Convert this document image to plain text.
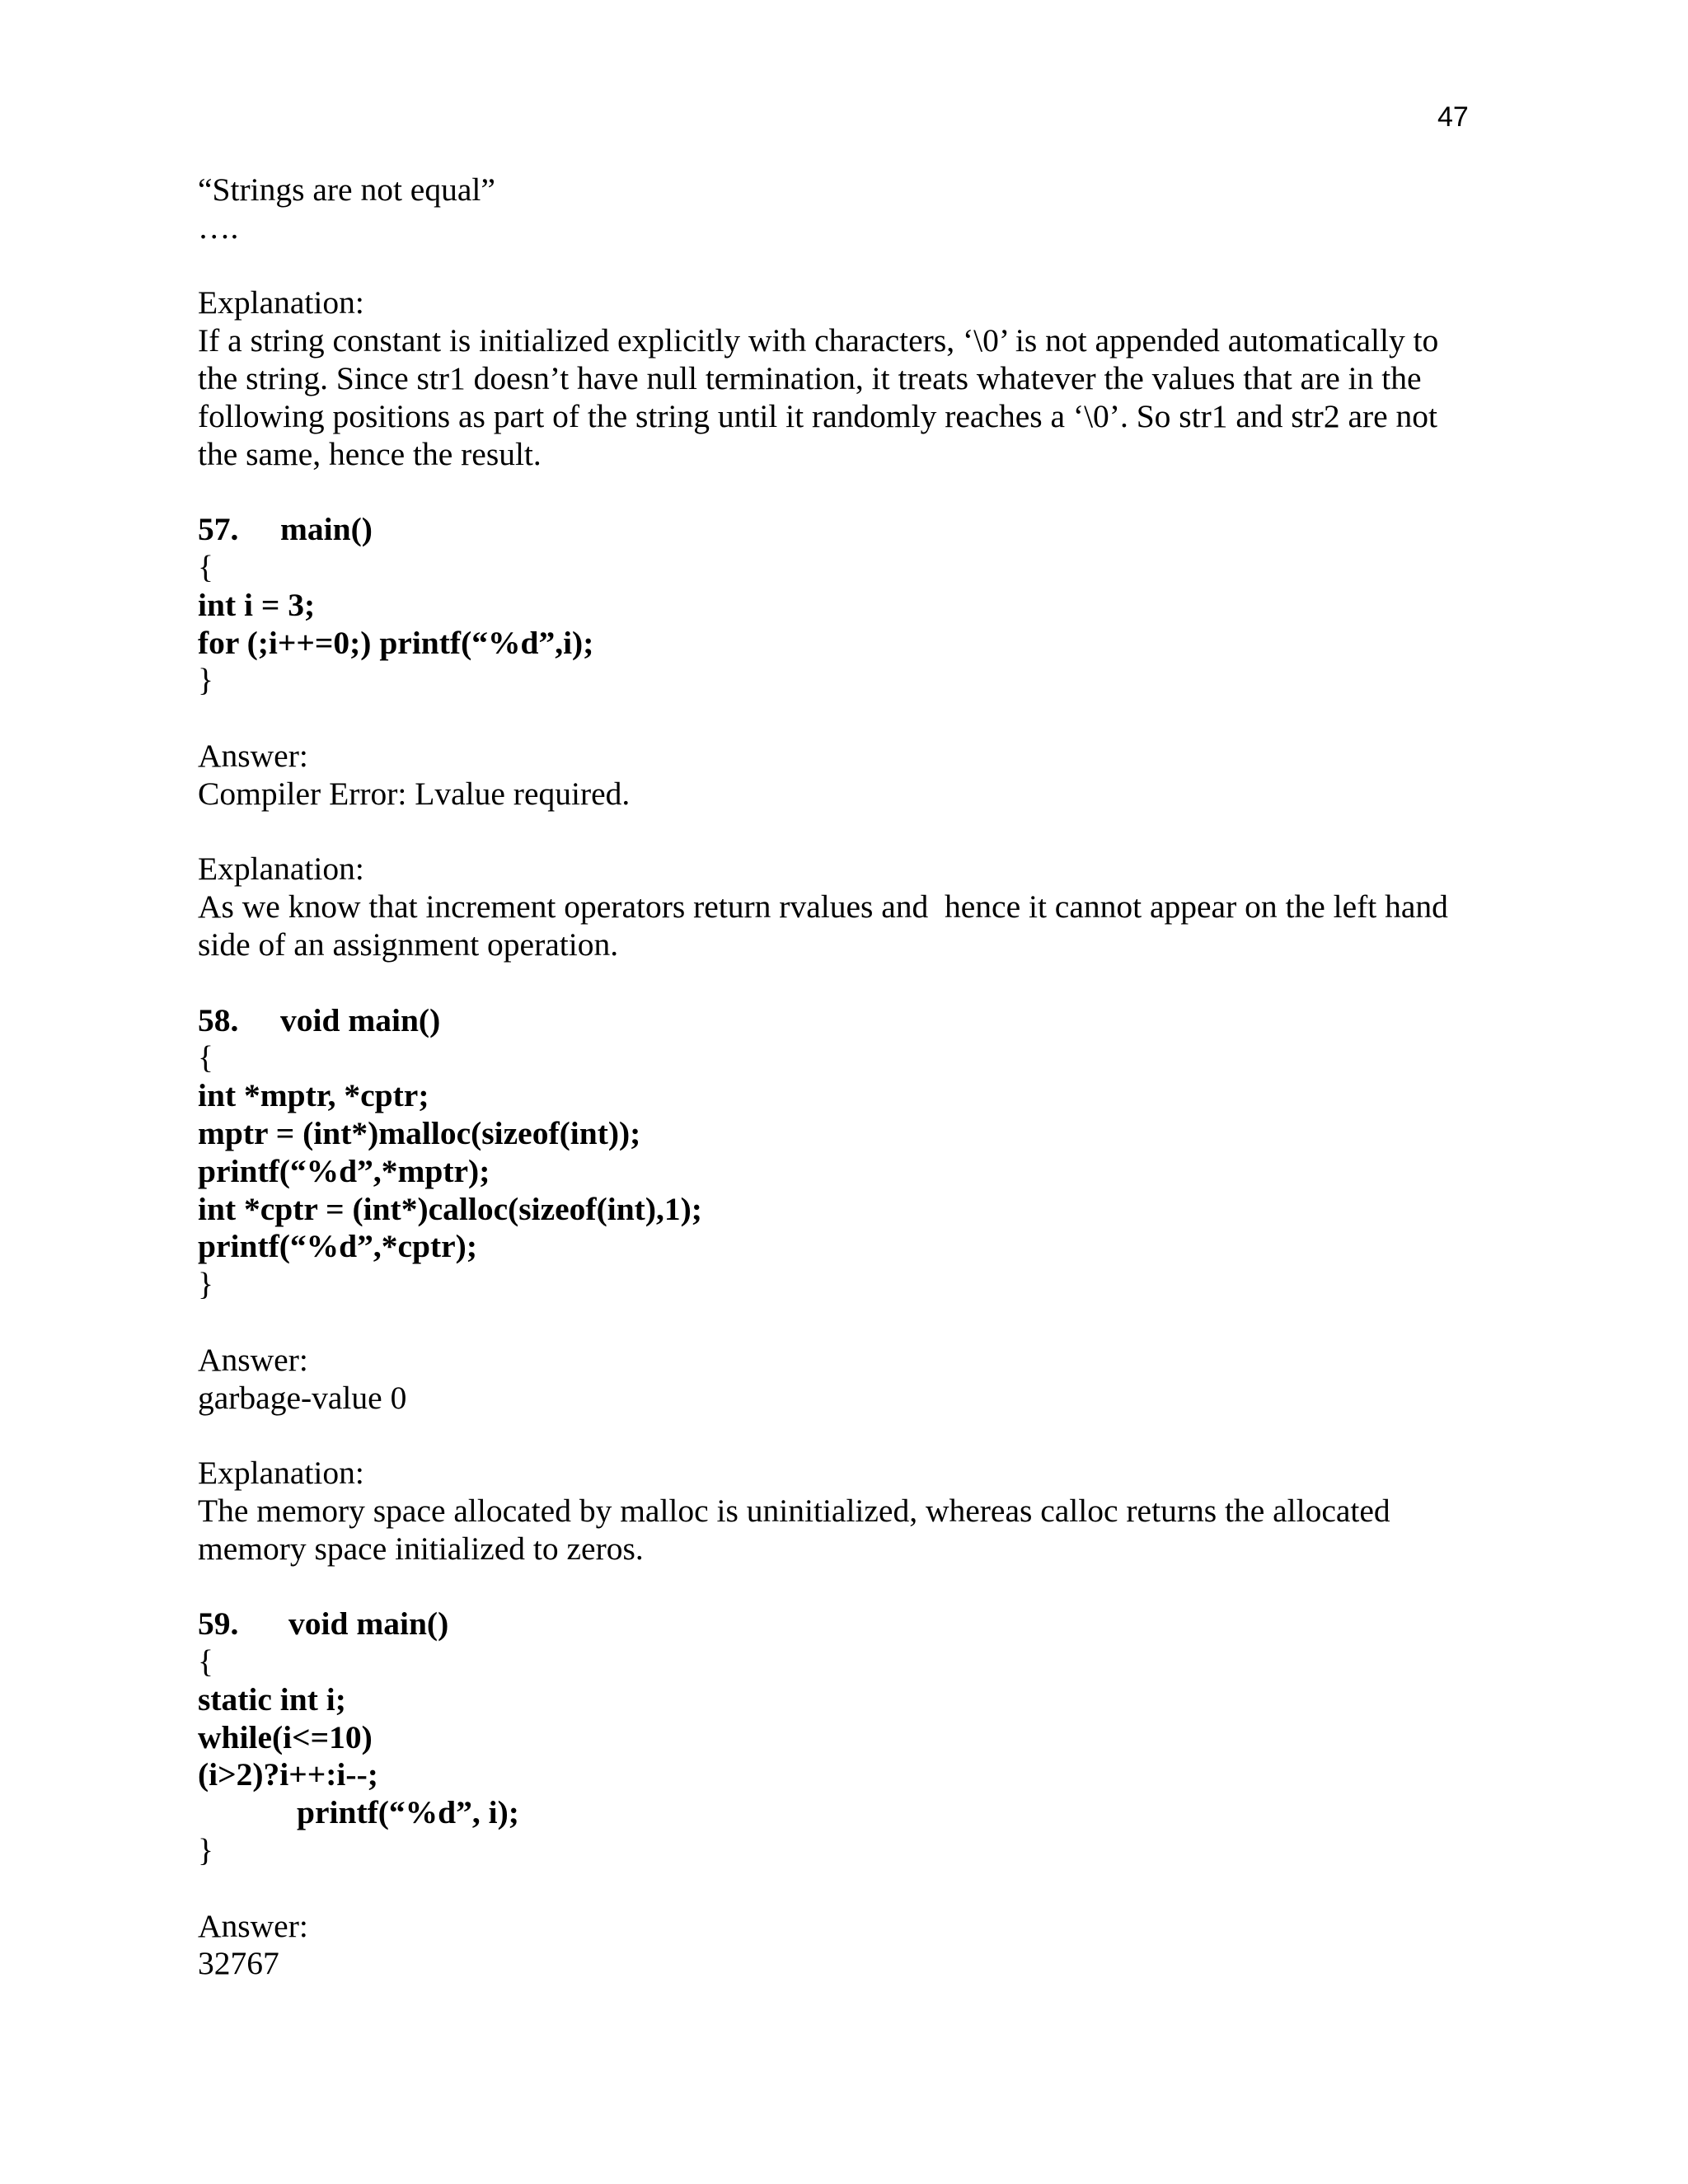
47
“Strings are not equal”
….
Explanation:
If a string constant is initialized explicitly with characters, ‘\0’ is not appended automatically to
the string. Since str1 doesn’t have null termination, it treats whatever the values that are in the
following positions as part of the string until it randomly reaches a ‘\0’. So str1 and str2 are not
the same, hence the result.
57. main()
{
int i = 3;
for (;i++=0;) printf(“%d”,i);
}
Answer:
Compiler Error: Lvalue required.
Explanation:
As we know that increment operators return rvalues and  hence it cannot appear on the left hand
side of an assignment operation.
58. void main()
{
int *mptr, *cptr;
mptr = (int*)malloc(sizeof(int));
printf(“%d”,*mptr);
int *cptr = (int*)calloc(sizeof(int),1);
printf(“%d”,*cptr);
}
Answer:
garbage-value 0
Explanation:
The memory space allocated by malloc is uninitialized, whereas calloc returns the allocated
memory space initialized to zeros.
59. void main()
{
static int i;
while(i<=10)
(i>2)?i++:i--;
printf(“%d”, i);
}
Answer:
32767
